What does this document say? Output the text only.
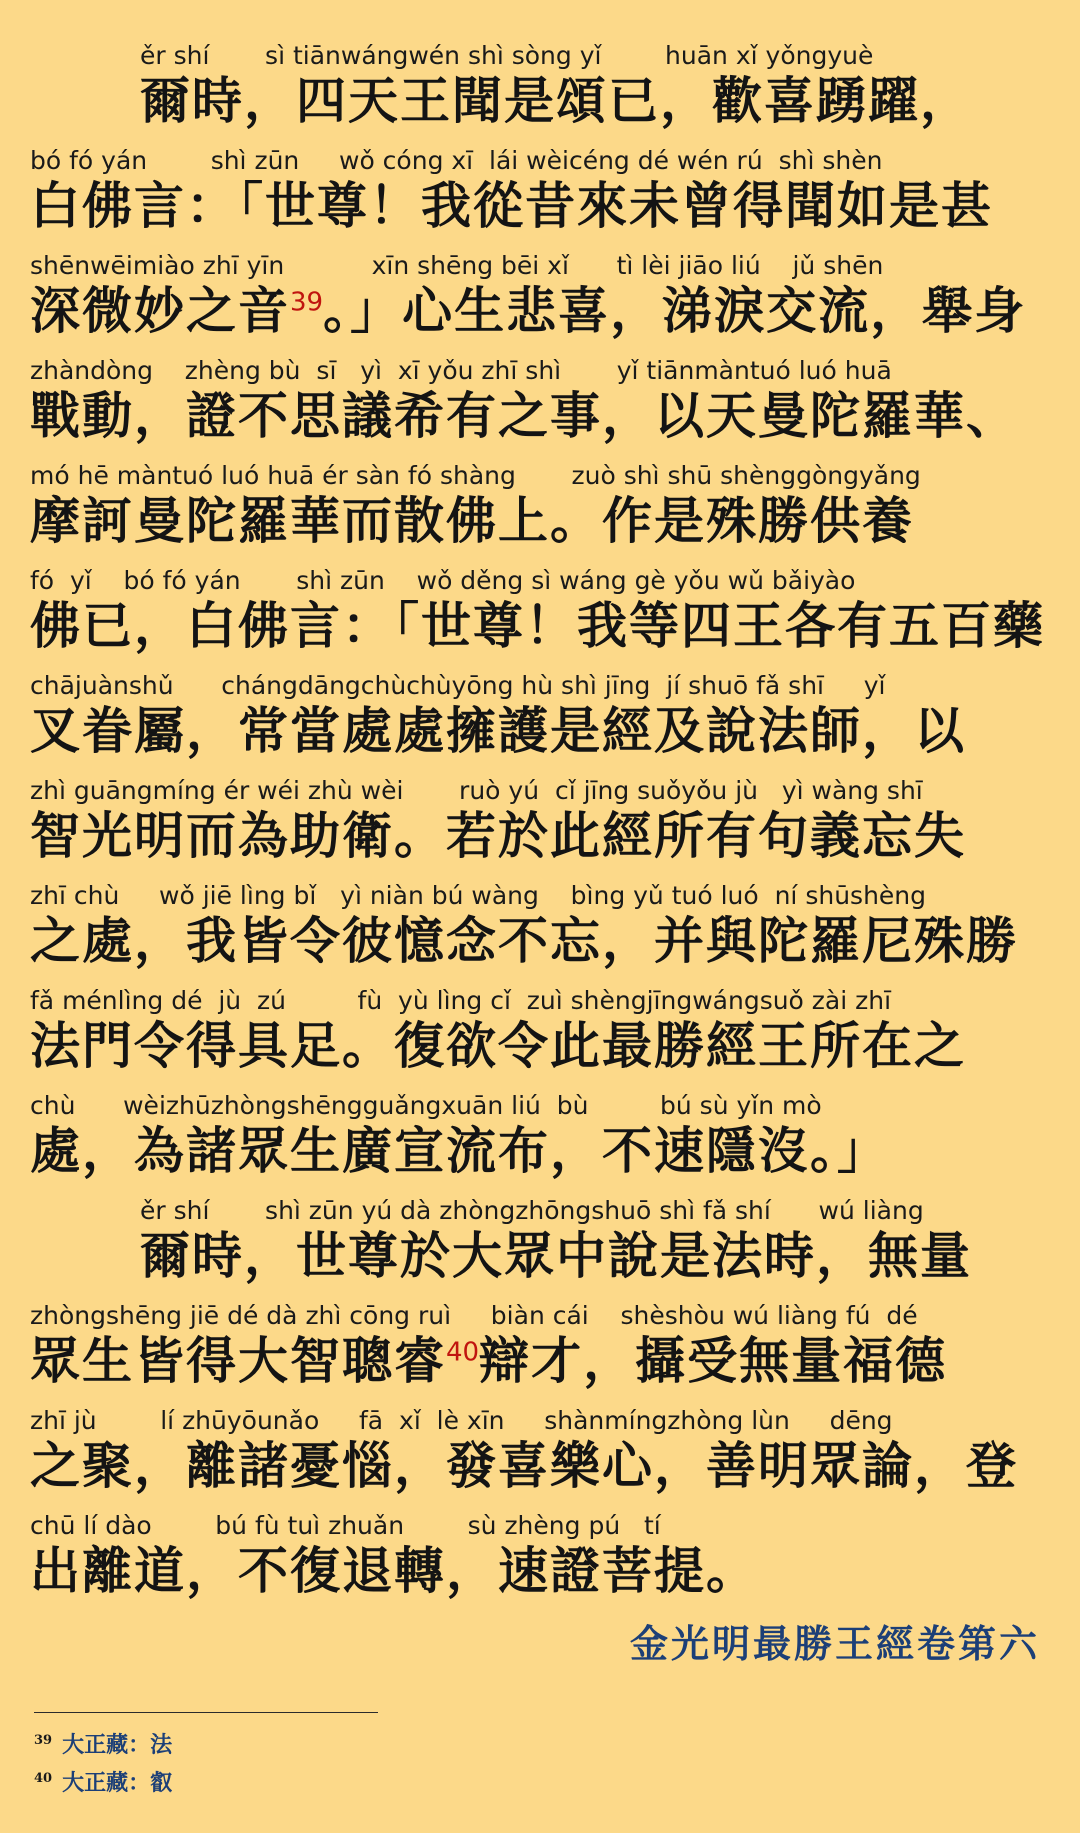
ěr shí       sì tiānwángwén shì sòng yǐ        huān xǐ yǒngyuè
爾時，四天王聞是頌已，歡喜踴躍，
bó fó yán        shì zūn     wǒ cóng xī  lái wèicéng dé wén rú  shì shèn
白佛言：「世尊！我從昔來未曾得聞如是甚
shēnwēimiào zhī yīn           xīn shēng bēi xǐ      tì lèi jiāo liú    jǔ shēn
深微妙之音$^{39}$。」心生悲喜，涕淚交流，舉身
zhàndòng    zhèng bù  sī   yì  xī yǒu zhī shì       yǐ tiānmàntuó luó huā
戰動，證不思議希有之事，以天曼陀羅華、
mó hē màntuó luó huā ér sàn fó shàng       zuò shì shū shènggòngyǎng
摩訶曼陀羅華而散佛上。作是殊勝供養
fó  yǐ    bó fó yán       shì zūn    wǒ děng sì wáng gè yǒu wǔ bǎiyào
佛已，白佛言：「世尊！我等四王各有五百藥
chājuànshǔ      chángdāngchùchùyōng hù shì jīng  jí shuō fǎ shī     yǐ
叉眷屬，常當處處擁護是經及說法師，以
zhì guāngmíng ér wéi zhù wèi       ruò yú  cǐ jīng suǒyǒu jù   yì wàng shī
智光明而為助衛。若於此經所有句義忘失
zhī chù     wǒ jiē lìng bǐ   yì niàn bú wàng    bìng yǔ tuó luó  ní shūshèng
之處，我皆令彼憶念不忘，并與陀羅尼殊勝
fǎ ménlìng dé  jù  zú         fù  yù lìng cǐ  zuì shèngjīngwángsuǒ zài zhī
法門令得具足。復欲令此最勝經王所在之
chù      wèizhūzhòngshēngguǎngxuān liú  bù         bú sù yǐn mò
處，為諸眾生廣宣流布，不速隱沒。」
ěr shí       shì zūn yú dà zhòngzhōngshuō shì fǎ shí      wú liàng
爾時，世尊於大眾中說是法時，無量
zhòngshēng jiē dé dà zhì cōng ruì     biàn cái    shèshòu wú liàng fú  dé
眾生皆得大智聰睿$^{40}$辯才，攝受無量福德
zhī jù        lí zhūyōunǎo     fā  xǐ  lè xīn     shànmíngzhòng lùn     dēng
之聚，離諸憂惱，發喜樂心，善明眾論，登
chū lí dào        bú fù tuì zhuǎn        sù zhèng pú   tí
出離道，不復退轉，速證菩提。
金光明最勝王經卷第六
$^{39}$ 大正藏：法
$^{40}$ 大正藏：叡
